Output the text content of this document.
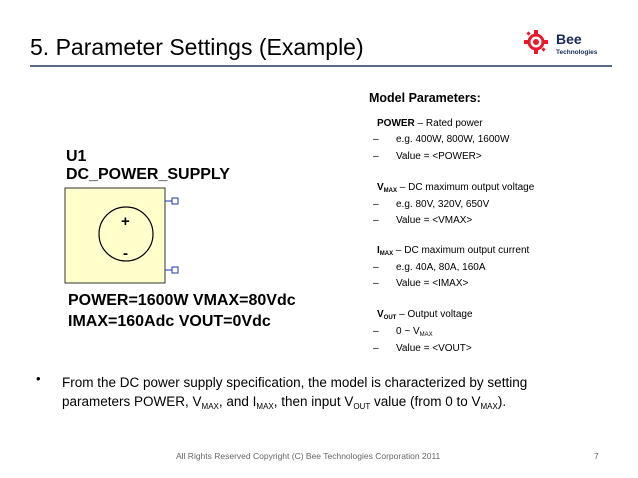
5. Parameter Settings (Example)	Bee
Technologies
U1
DC_POWER_SUPPLY
+
-
POWER=1600W VMAX=80Vdc
IMAX=160Adc VOUT=0Vdc
Model Parameters:
POWER – Rated power
– e.g. 400W, 800W, 1600W
– Value = <POWER>
$V_{MAX}$ – DC maximum output voltage
– e.g. 80V, 320V, 650V
– Value = <VMAX>
$I_{MAX}$ – DC maximum output current
– e.g. 40A, 80A, 160A
– Value = <IMAX>
$V_{OUT}$ – Output voltage
– 0 ~ $V_{MAX}$
– Value = <VOUT>
• From the DC power supply specification, the model is characterized by setting parameters POWER, $V_{MAX}$, and $I_{MAX}$, then input $V_{OUT}$ value (from 0 to $V_{MAX}$).
All Rights Reserved Copyright (C) Bee Technologies Corporation 2011	7
